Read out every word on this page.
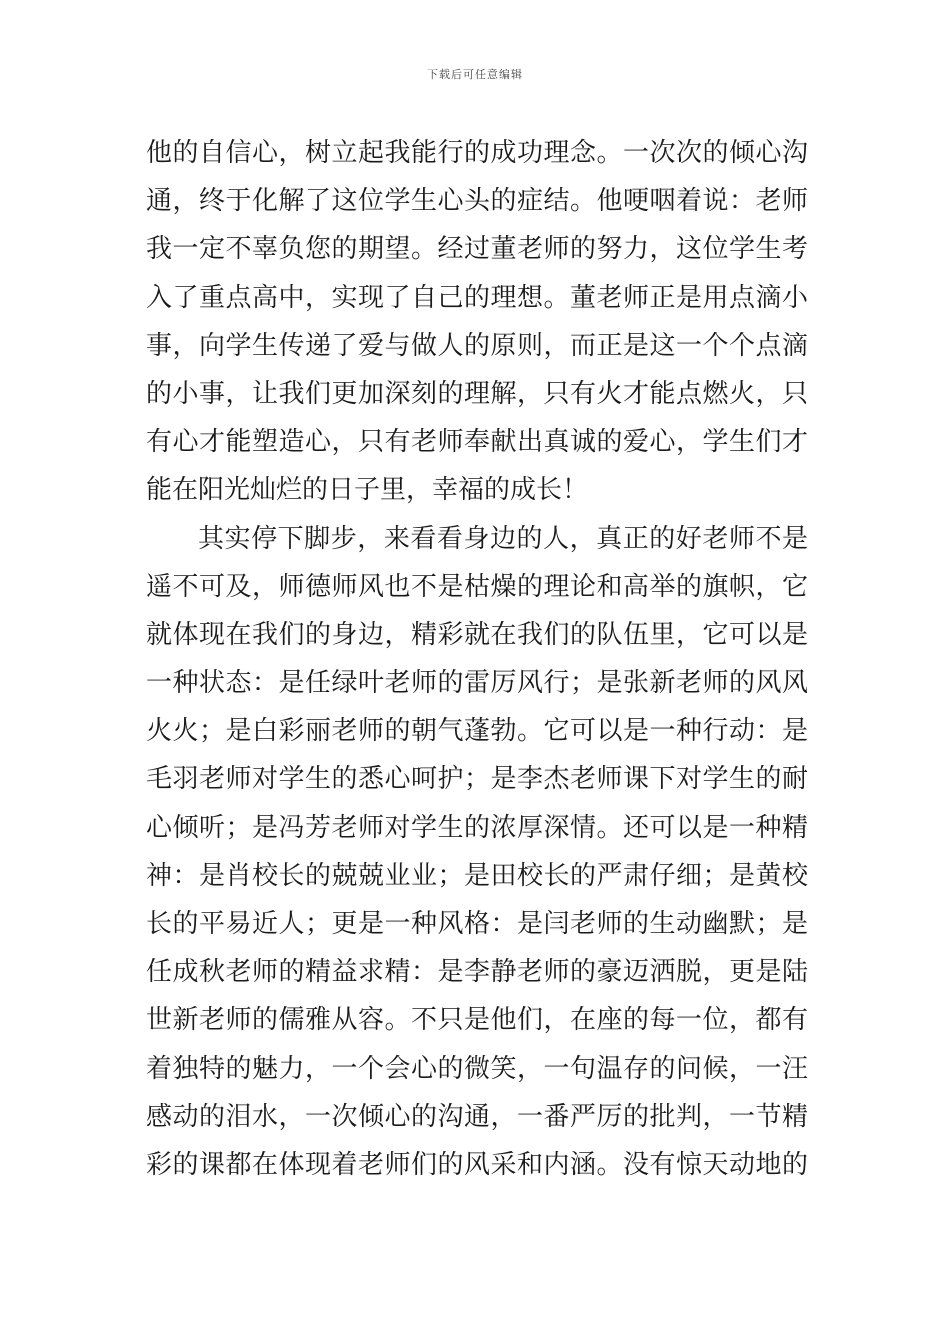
下载后可任意编辑
他的自信心，树立起我能行的成功理念。一次次的倾心沟
通，终于化解了这位学生心头的症结。他哽咽着说：老师
我一定不辜负您的期望。经过董老师的努力，这位学生考
入了重点高中，实现了自己的理想。董老师正是用点滴小
事，向学生传递了爱与做人的原则，而正是这一个个点滴
的小事，让我们更加深刻的理解，只有火才能点燃火，只
有心才能塑造心，只有老师奉献出真诚的爱心，学生们才
能在阳光灿烂的日子里，幸福的成长！
其实停下脚步，来看看身边的人，真正的好老师不是
遥不可及，师德师风也不是枯燥的理论和高举的旗帜，它
就体现在我们的身边，精彩就在我们的队伍里，它可以是
一种状态：是任绿叶老师的雷厉风行；是张新老师的风风
火火；是白彩丽老师的朝气蓬勃。它可以是一种行动：是
毛羽老师对学生的悉心呵护；是李杰老师课下对学生的耐
心倾听；是冯芳老师对学生的浓厚深情。还可以是一种精
神：是肖校长的兢兢业业；是田校长的严肃仔细；是黄校
长的平易近人；更是一种风格：是闫老师的生动幽默；是
任成秋老师的精益求精：是李静老师的豪迈洒脱，更是陆
世新老师的儒雅从容。不只是他们，在座的每一位，都有
着独特的魅力，一个会心的微笑，一句温存的问候，一汪
感动的泪水，一次倾心的沟通，一番严厉的批判，一节精
彩的课都在体现着老师们的风采和内涵。没有惊天动地的
